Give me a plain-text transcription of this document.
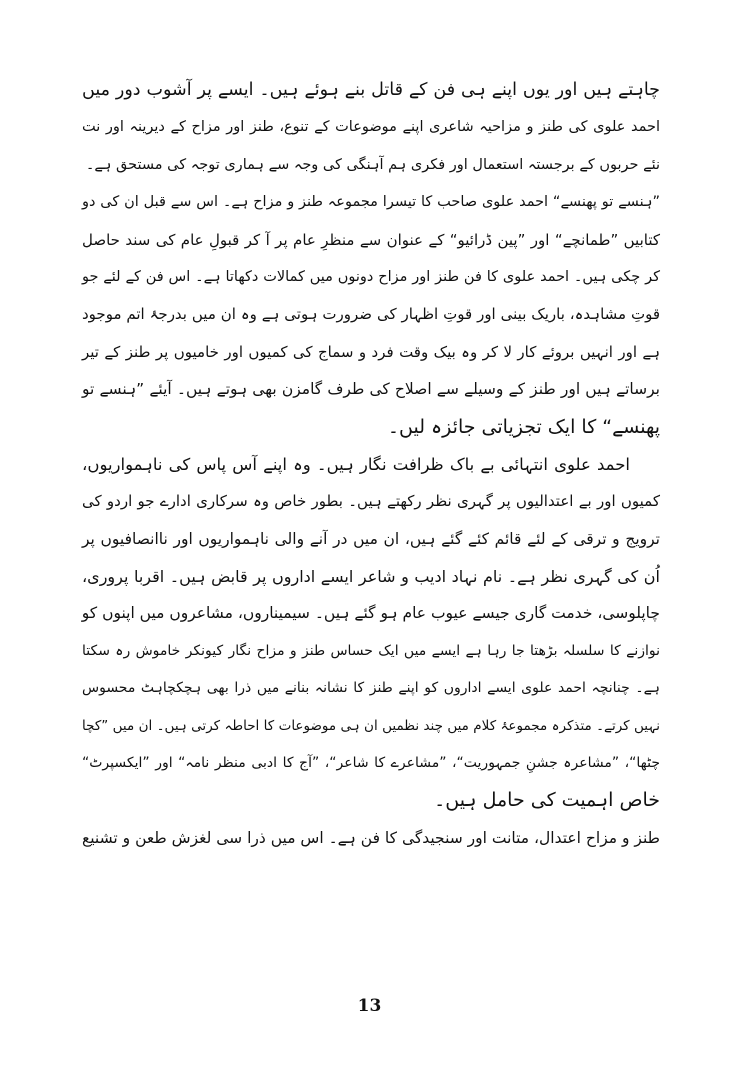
چاہتے ہیں اور یوں اپنے ہی فن کے قاتل بنے ہوئے ہیں۔ ایسے پر آشوب دور میں
احمد علوی کی طنز و مزاحیہ شاعری اپنے موضوعات کے تنوع، طنز اور مزاح کے دیرینہ اور نت
نئے حربوں کے برجستہ استعمال اور فکری ہم آہنگی کی وجہ سے ہماری توجہ کی مستحق ہے۔
”ہنسے تو پھنسے“ احمد علوی صاحب کا تیسرا مجموعہ طنز و مزاح ہے۔ اس سے قبل ان کی دو
کتابیں ”طمانچے“ اور ”پین ڈرائیو“ کے عنوان سے منظرِ عام پر آ کر قبولِ عام کی سند حاصل
کر چکی ہیں۔ احمد علوی کا فن طنز اور مزاح دونوں میں کمالات دکھاتا ہے۔ اس فن کے لئے جو
قوتِ مشاہدہ، باریک بینی اور قوتِ اظہار کی ضرورت ہوتی ہے وہ ان میں بدرجۂ اتم موجود
ہے اور انہیں بروئے کار لا کر وہ بیک وقت فرد و سماج کی کمیوں اور خامیوں پر طنز کے تیر
برساتے ہیں اور طنز کے وسیلے سے اصلاح کی طرف گامزن بھی ہوتے ہیں۔ آیئے ”ہنسے تو
پھنسے“ کا ایک تجزیاتی جائزہ لیں۔
احمد علوی انتہائی بے باک ظرافت نگار ہیں۔ وہ اپنے آس پاس کی ناہمواریوں،
کمیوں اور بے اعتدالیوں پر گہری نظر رکھتے ہیں۔ بطور خاص وہ سرکاری ادارے جو اردو کی
ترویج و ترقی کے لئے قائم کئے گئے ہیں، ان میں در آنے والی ناہمواریوں اور ناانصافیوں پر
اُن کی گہری نظر ہے۔ نام نہاد ادیب و شاعر ایسے اداروں پر قابض ہیں۔ اقربا پروری،
چاپلوسی، خدمت گاری جیسے عیوب عام ہو گئے ہیں۔ سیمیناروں، مشاعروں میں اپنوں کو
نوازنے کا سلسلہ بڑھتا جا رہا ہے ایسے میں ایک حساس طنز و مزاح نگار کیونکر خاموش رہ سکتا
ہے۔ چنانچہ احمد علوی ایسے اداروں کو اپنے طنز کا نشانہ بنانے میں ذرا بھی ہچکچاہٹ محسوس
نہیں کرتے۔ متذکرہ مجموعۂ کلام میں چند نظمیں ان ہی موضوعات کا احاطہ کرتی ہیں۔ ان میں ”کچا
چٹھا“، ”مشاعرہ جشنِ جمہوریت“، ”مشاعرے کا شاعر“، ”آج کا ادبی منظر نامہ“ اور ”ایکسپرٹ“
خاص اہمیت کی حامل ہیں۔
طنز و مزاح اعتدال، متانت اور سنجیدگی کا فن ہے۔ اس میں ذرا سی لغزش طعن و تشنیع
13
